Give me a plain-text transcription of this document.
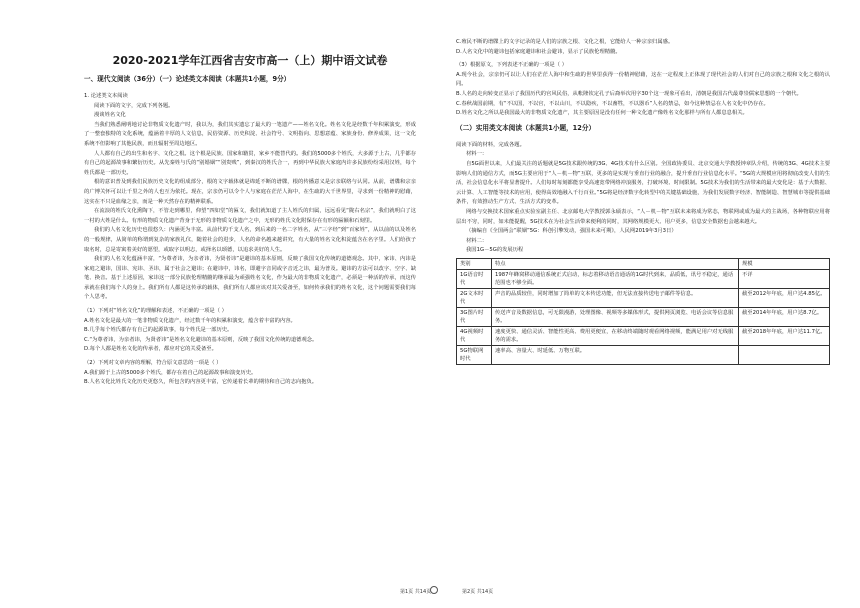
2020-2021学年江西省吉安市高一（上）期中语文试卷
一、现代文阅读（36分）（一）论述类文本阅读（本题共1小题，9分）

1. 论述类文本阅读

阅读下面的文字，完成下列各题。

漫谈姓名文化

当我们熟悉阐明地讨论非物质文化遗产时，我以为，我们其实遗忘了最大的一笔遗产——姓名文化。姓名文化是经数千年积累演变，形成了一整套独特的文化系统，蕴涵着丰厚的人文信息，民俗资源、历史积淀、社会符号、文明指向、思想意蕴、家族身份、修养成果，这一文化系统不但影响了其他民族，而且辐射至周边地区。

人人都有自己的出生和名字、文化之根。这个根是民族、国家和籍贯，家乡不能替代的。我们的5000多个姓氏，大多源于上古，几乎都存有自己的起源故事和繁衍历史。从先秦姓与氏的“别婚姻”“别贵贱”，到秦汉的姓氏合一，再到中华民族大家庭内许多民族纷纷采用汉姓，每个姓氏都是一部历史。

根的意识普及到我们民族历史文化的组成部分，根的文字载体就是绵延不断的谱牒，根的传播意义是宗亲联络与认同。从前，谱牒和宗亲的广博关怀可以让千里之外的人也互为依托。现在，宗亲仍可以令个人与家庭在茫茫人海中，在生疏的大千世界里，寻求到一份精神的慰藉，这实在不只是血缘之亲，而是一种天然存在的精神联系。

在流浪的姓氏文化熏陶下，不管走到哪里，仰望“四如堂”的匾文，我们就知道了主人姓氏的归属，远远看见“陇右名宗”，我们就明白了这一村的大姓是什么。有形的物质文化遗产背身于无形的非物质文化遗产之中，无形的姓氏文化附保存在有形的匾额和石刻里。

我们的人名文化历史也很悠久：内涵更为丰富。从前代的千支人名，到后来的一名二字姓名，从“三字经”到“百家姓”，从以前的以及姓名的一般规律，从简单的称谓到复杂的家族礼仪，随着社会的进步，人名的命名越来越讲究，有大量的姓名文化积淀蕴含在名字里。人们给孩子取名时，总是寄寓着美好的愿望，或取字以明志，或择名以颂德，以追求美好的人生。

我们的人名文化蕴涵丰富，“为尊者讳，为亲者讳，为贤者讳”是避讳的基本原则，反映了我国文化传统的道德观念。其中，家讳、内讳是家庭之避讳，国讳、宪讳、圣讳，属于社会之避讳；在避讳中，讳名，即避字音同或字音近之讳，最为普及。避讳的方法可以改字、空字、缺笔、换音。基于上述原因，家讳这一部分民族伦理精髓的继承最为顽强姓名文化，作为最大的非物质文化遗产，必须是一种活的传承，而这传承就在我们每个人的身上。我们所有人都是这传承的载体，我们所有人都应该对其关爱备至，如何传承我们的姓名文化，这个问题需要我们每个人思考。

（1）下列对“姓名文化”的理解和表述，不正确的一项是（ ）

A.姓名文化是最大的一笔非物质文化遗产，经过数千年的积累和演变，蕴含着丰富的内容。

B.几乎每个姓氏都存有自己的起源故事，每个姓氏是一部历史。

C.“为尊者讳，为亲者讳，为贤者讳”是姓名文化避讳的基本原则，反映了我国文化传统的道德观念。

D.每个人都是姓名文化的传承者，都应对它的关爱备至。

（2）下列对文章内容的理解，符合原文意思的一项是（ ）

A.我们源于上古的5000多个姓氏，都存在着自己的起源故事和演变历史。

B.人名文化比姓氏文化历史更悠久，所包含的内容更丰富，它传递着长辈的期待和自己的志向抱负。

C.殖民不断的谱牒上的文字记录的是人们的宗族之根、文化之根，它能给人一种宗亲归属感。

D.人名文化中的避讳包括家庭避讳和社会避讳，显示了民族伦理精髓。

（3）根据原文，下列表述不正确的一项是（ ）

A.现今社会，宗亲仍可以让人们在茫茫人海中和生疏的世界里获得一份精神慰藉，这在一定程度上正体现了现代社会的人们对自己的宗族之根和文化之根的认同。

B.人名的走向转变正显示了我国历代的官风民俗，从帐隆钦定孔子后裔举次用字30个这一现象可看出，清朝是我国古代最尊崇儒家思想的一个朝代。

C.春秋战国前期，有“不以国，不以官，不以山川，不以隐疾，不以畜牲，不以器币”人名的禁忌，如今这种禁忌在人名文化中仍存在。

D.姓名文化之所以是我国最大的非物质文化遗产，其主要原因是没有任何一种文化遗产像姓名文化那样与所有人都息息相关。

（二）实用类文本阅读（本题共1小题，12分）

阅读下面的材料，完成各题。

材料一：

自5G面世以来，人们最关注的话题就是5G技术跟传统的3G、4G技术有什么区别。全国政协委员、北京交通大学教授钟章队介绍，传统的3G、4G技术主要影响人们的通信方式，而5G主要应用于“人－机－物”互联，更多的是实现与垂直行业的融合，提升垂直行业信息化水平。“5G的大规模应用将彻底改变人们的生活，社会信息化水平将显著提升。人们每时每刻都能享受高速宽带网络冲浪服务，打破环境、时间限制。5G技术为我们的生活带来的最大变化是：基于大数据、云计算、人工智能等技术的应用，使得高效地融入千行百业。”5G将是经济数字化转型中的关键基础设施，为我们发展数字经济、智能制造、智慧城市等提供基础条件，有效推动生产方式、生活方式的变革。

网络与交换技术国家重点实验室副主任、北京邮电大学教授郭永硕表示，“人－机－物”互联未来将成为常态，物联网或成为最大的主战场，各种物联应用将层出不穷，同时，如未能提醒，5G技术在为社会生活带来便利的同时，其网络规模更大、用户更多，信息安全数据也会越来越大。

（摘编自《全国两会“联姻”5G：科创引擎发动，强国未来可期》，人民网2019年3月3日）

材料二：

我国1G－5G的发展历程

类别	特点	规模
1G语音时代	1987年蜂窝移动通信系统正式启动，标志着移动语音通话的1G时代到来，品质低，讯号不稳定，通话范围也不够全面。	不详
2G文本时代	声音的品质较佳，同时增加了简单的文本传送功能，但无法直接传送电子邮件等信息。	截至2012年年底，用户达4.85亿。
3G图片时代	传送声音及数据信息，可无限漫游，处理图像、视频等多媒体形式，提供网页浏览、电话会议等信息服务。	截至2014年年底，用户达8.7亿。
4G视频时代	速度更快、通信灵活、智能性更高、费用更便宜，在移动终端随时观看网络视频，能满足用户对无线服务的需求。	截至2018年年底，用户达11.7亿。
5G物联网时代	速率高、容量大、时延低、万物互联。	
第1页 共14页	第2页 共14页
